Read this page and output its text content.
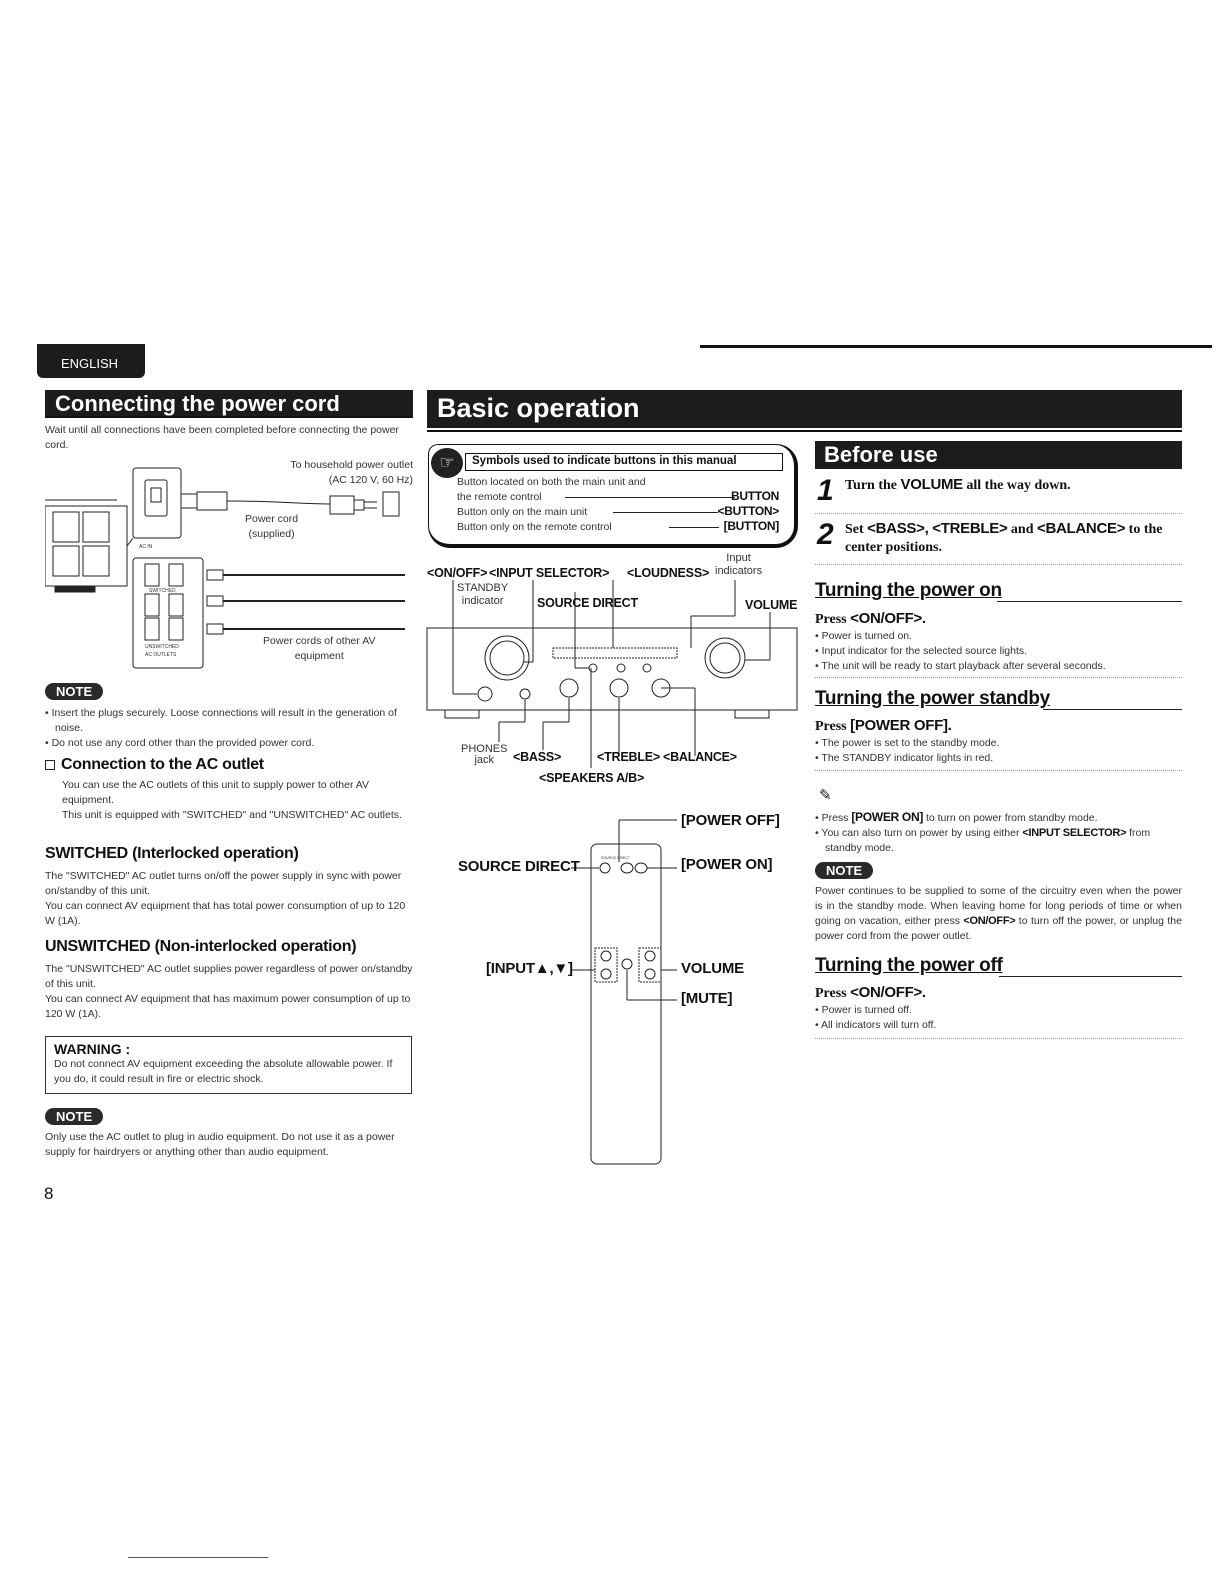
ENGLISH
Connecting the power cord
Wait until all connections have been completed before connecting the power cord.
AC IN
SWITCHED
UNSWITCHED
AC OUTLETS
To household power outlet
(AC 120 V, 60 Hz)
Power cord
(supplied)
Power cords of other AV
equipment
NOTE
• Insert the plugs securely. Loose connections will result in the generation of noise.
• Do not use any cord other than the provided power cord.
Connection to the AC outlet
You can use the AC outlets of this unit to supply power to other AV equipment.
This unit is equipped with "SWITCHED" and "UNSWITCHED" AC outlets.
SWITCHED (Interlocked operation)
The "SWITCHED" AC outlet turns on/off the power supply in sync with power on/standby of this unit.
You can connect AV equipment that has total power consumption of up to 120 W (1A).
UNSWITCHED (Non-interlocked operation)
The "UNSWITCHED" AC outlet supplies power regardless of power on/standby of this unit.
You can connect AV equipment that has maximum power consumption of up to 120 W (1A).
WARNING :
Do not connect AV equipment exceeding the absolute allowable power. If you do, it could result in fire or electric shock.
NOTE
Only use the AC outlet to plug in audio equipment. Do not use it as a power supply for hairdryers or anything other than audio equipment.
8
Basic operation
☞	Symbols used to indicate buttons in this manual
Button located on both the main unit and
the remote control	BUTTON
Button only on the main unit	<BUTTON>
Button only on the remote control	[BUTTON]
<ON/OFF> <INPUT SELECTOR> <LOUDNESS>
Input
indicators
STANDBY
indicator	SOURCE DIRECT	VOLUME
PHONES
jack	<BASS>	<TREBLE> <BALANCE>
<SPEAKERS A/B>
SOURCE DIRECT
[POWER OFF]
SOURCE DIRECT	[POWER ON]
[INPUT▲,▼]	VOLUME
[MUTE]
Before use
1 Turn the VOLUME all the way down.
2 Set <BASS>, <TREBLE> and <BALANCE> to the
center positions.
Turning the power on
Press <ON/OFF>.
• Power is turned on.
• Input indicator for the selected source lights.
• The unit will be ready to start playback after several seconds.
Turning the power standby
Press [POWER OFF].
• The power is set to the standby mode.
• The STANDBY indicator lights in red.
✎
• Press [POWER ON] to turn on power from standby mode.
• You can also turn on power by using either <INPUT SELECTOR> from standby mode.
NOTE
Power continues to be supplied to some of the circuitry even when the power is in the standby mode. When leaving home for long periods of time or when going on vacation, either press <ON/OFF> to turn off the power, or unplug the power cord from the power outlet.
Turning the power off
Press <ON/OFF>.
• Power is turned off.
• All indicators will turn off.
